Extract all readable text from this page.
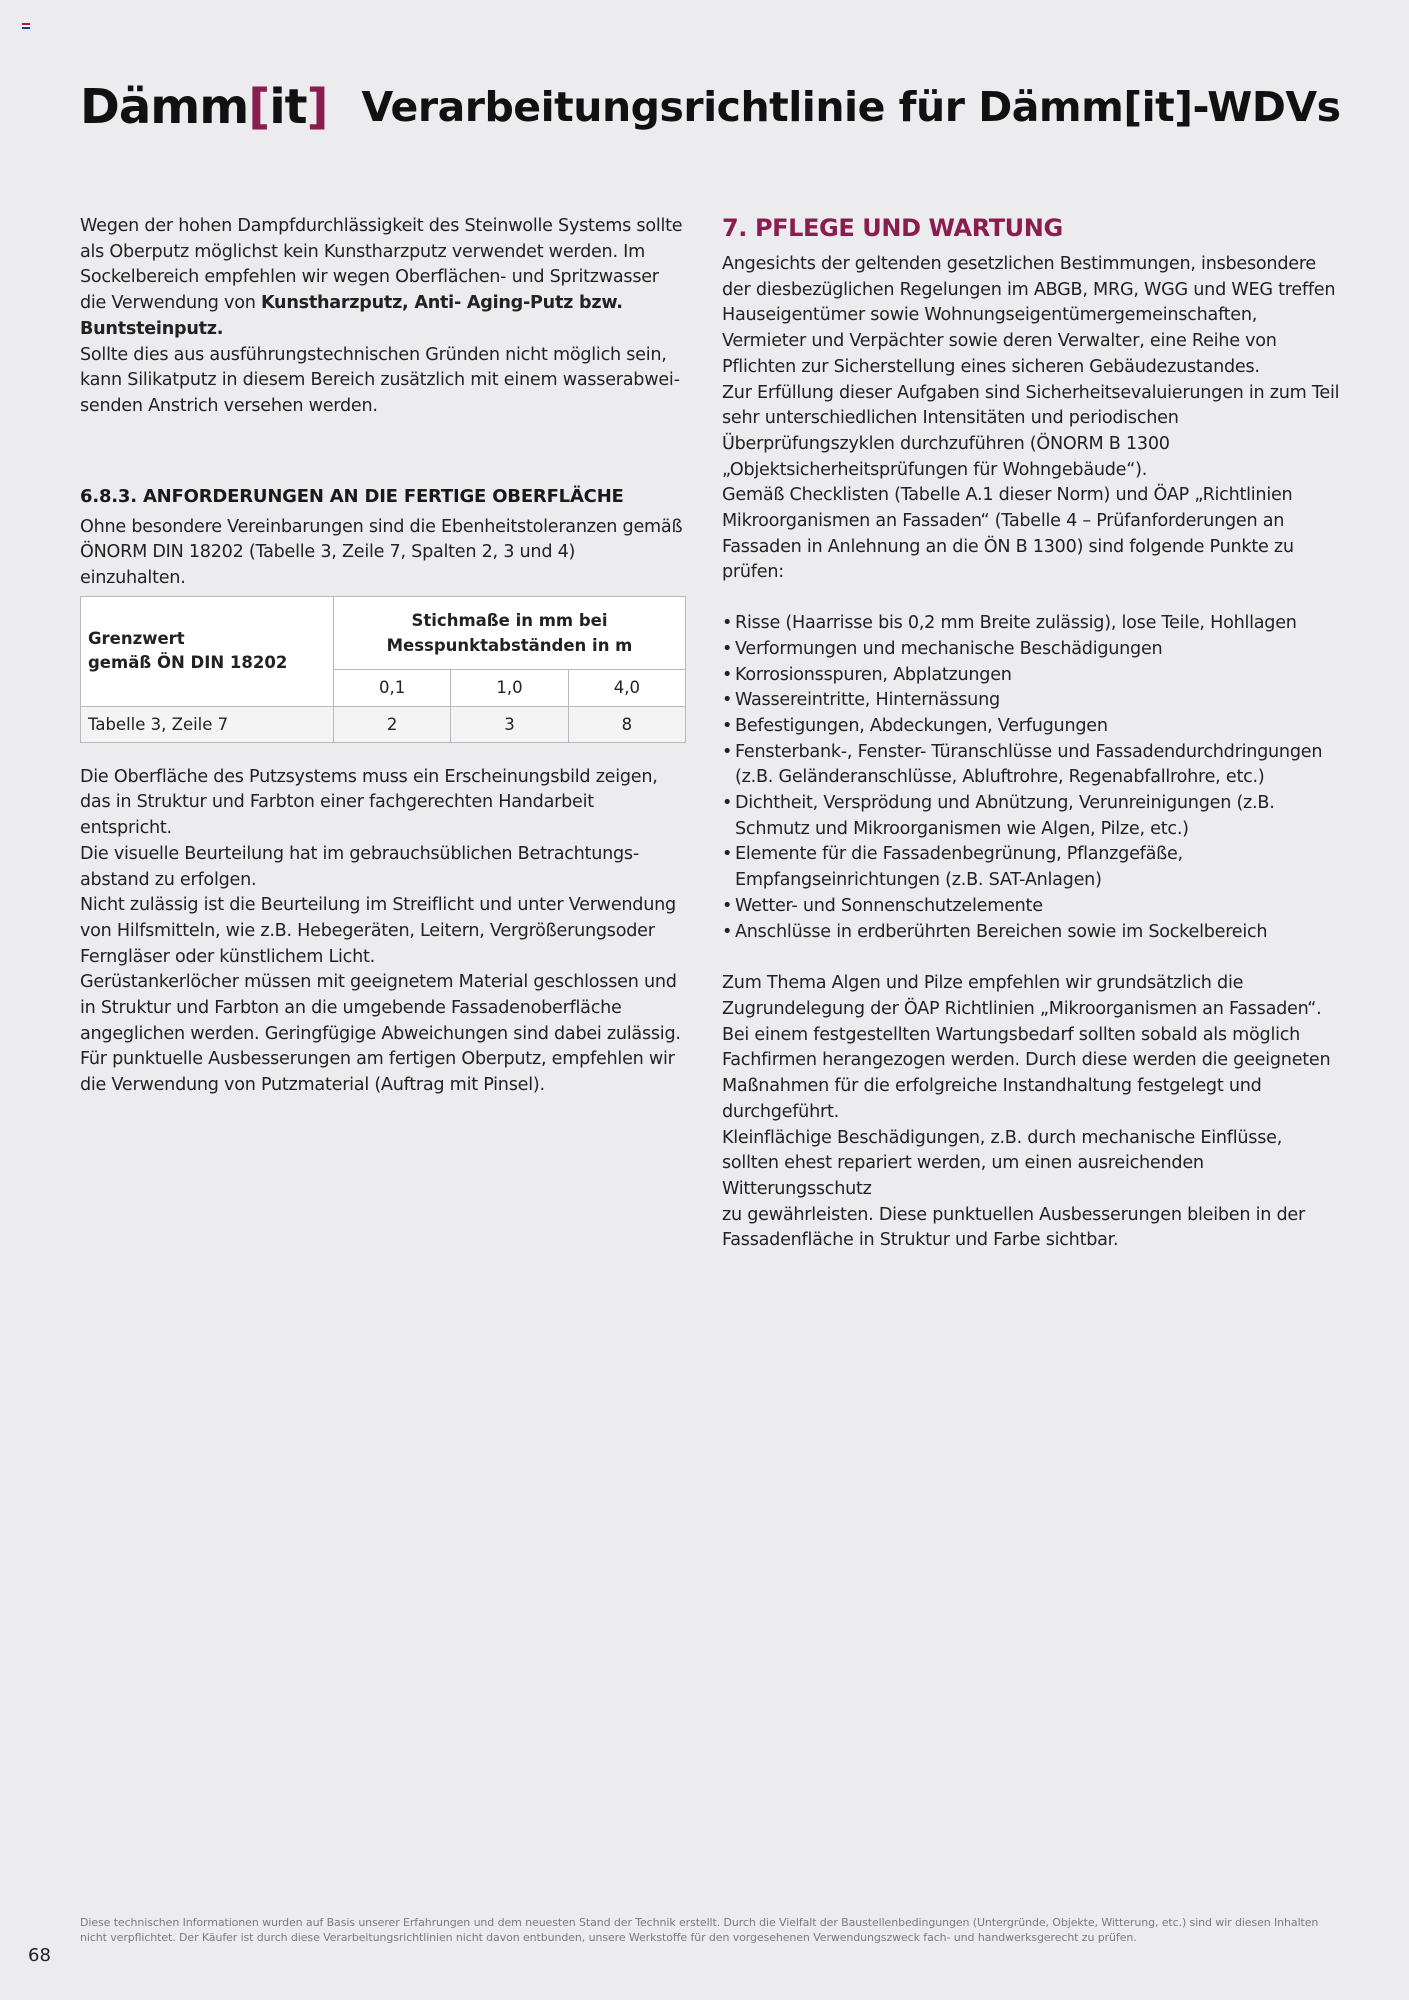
Dämm[it] Verarbeitungsrichtlinie für Dämm[it]-WDVs

Wegen der hohen Dampfdurchlässigkeit des Steinwolle Systems sollte als Oberputz möglichst kein Kunstharzputz verwendet werden. Im Sockelbereich empfehlen wir wegen Oberflächen- und Spritzwasser die Verwendung von Kunstharzputz, Anti- Aging-Putz bzw. Buntsteinputz.
Sollte dies aus ausführungstechnischen Gründen nicht möglich sein, kann Silikatputz in diesem Bereich zusätzlich mit einem wasserabweisenden Anstrich versehen werden.

6.8.3. ANFORDERUNGEN AN DIE FERTIGE OBERFLÄCHE

Ohne besondere Vereinbarungen sind die Ebenheitstoleranzen gemäß ÖNORM DIN 18202 (Tabelle 3, Zeile 7, Spalten 2, 3 und 4) einzuhalten.

Grenzwert
gemäß ÖN DIN 18202	Stichmaße in mm bei
Messpunktabständen in m		
	0,1	1,0	4,0
Tabelle 3, Zeile 7	2	3	8

Die Oberfläche des Putzsystems muss ein Erscheinungsbild zeigen, das in Struktur und Farbton einer fachgerechten Handarbeit entspricht.
Die visuelle Beurteilung hat im gebrauchsüblichen Betrachtungsabstand zu erfolgen.
Nicht zulässig ist die Beurteilung im Streiflicht und unter Verwendung von Hilfsmitteln, wie z.B. Hebegeräten, Leitern, Vergrößerungsoder Ferngläser oder künstlichem Licht.
Gerüstankerlöcher müssen mit geeignetem Material geschlossen und in Struktur und Farbton an die umgebende Fassadenoberfläche angeglichen werden. Geringfügige Abweichungen sind dabei zulässig. Für punktuelle Ausbesserungen am fertigen Oberputz, empfehlen wir die Verwendung von Putzmaterial (Auftrag mit Pinsel).

7. PFLEGE UND WARTUNG

Angesichts der geltenden gesetzlichen Bestimmungen, insbesondere der diesbezüglichen Regelungen im ABGB, MRG, WGG und WEG treffen Hauseigentümer sowie Wohnungseigentümergemeinschaften, Vermieter und Verpächter sowie deren Verwalter, eine Reihe von Pflichten zur Sicherstellung eines sicheren Gebäudezustandes.
Zur Erfüllung dieser Aufgaben sind Sicherheitsevaluierungen in zum Teil sehr unterschiedlichen Intensitäten und periodischen Überprüfungszyklen durchzuführen (ÖNORM B 1300 „Objektsicherheitsprüfungen für Wohngebäude“).
Gemäß Checklisten (Tabelle A.1 dieser Norm) und ÖAP „Richtlinien Mikroorganismen an Fassaden“ (Tabelle 4 – Prüfanforderungen an Fassaden in Anlehnung an die ÖN B 1300) sind folgende Punkte zu prüfen:

• Risse (Haarrisse bis 0,2 mm Breite zulässig), lose Teile, Hohllagen
• Verformungen und mechanische Beschädigungen
• Korrosionsspuren, Abplatzungen
• Wassereintritte, Hinternässung
• Befestigungen, Abdeckungen, Verfugungen
• Fensterbank-, Fenster- Türanschlüsse und Fassadendurchdringungen (z.B. Geländeranschlüsse, Abluftrohre, Regenabfallrohre, etc.)
• Dichtheit, Versprödung und Abnützung, Verunreinigungen (z.B. Schmutz und Mikroorganismen wie Algen, Pilze, etc.)
• Elemente für die Fassadenbegrünung, Pflanzgefäße, Empfangseinrichtungen (z.B. SAT-Anlagen)
• Wetter- und Sonnenschutzelemente
• Anschlüsse in erdberührten Bereichen sowie im Sockelbereich

Zum Thema Algen und Pilze empfehlen wir grundsätzlich die Zugrundelegung der ÖAP Richtlinien „Mikroorganismen an Fassaden“. Bei einem festgestellten Wartungsbedarf sollten sobald als möglich Fachfirmen herangezogen werden. Durch diese werden die geeigneten Maßnahmen für die erfolgreiche Instandhaltung festgelegt und durchgeführt.
Kleinflächige Beschädigungen, z.B. durch mechanische Einflüsse, sollten ehest repariert werden, um einen ausreichenden Witterungsschutz
zu gewährleisten. Diese punktuellen Ausbesserungen bleiben in der Fassadenfläche in Struktur und Farbe sichtbar.

Diese technischen Informationen wurden auf Basis unserer Erfahrungen und dem neuesten Stand der Technik erstellt. Durch die Vielfalt der Baustellenbedingungen (Untergründe, Objekte, Witterung, etc.) sind wir diesen Inhalten nicht verpflichtet. Der Käufer ist durch diese Verarbeitungsrichtlinien nicht davon entbunden, unsere Werkstoffe für den vorgesehenen Verwendungszweck fach- und handwerksgerecht zu prüfen.

68
